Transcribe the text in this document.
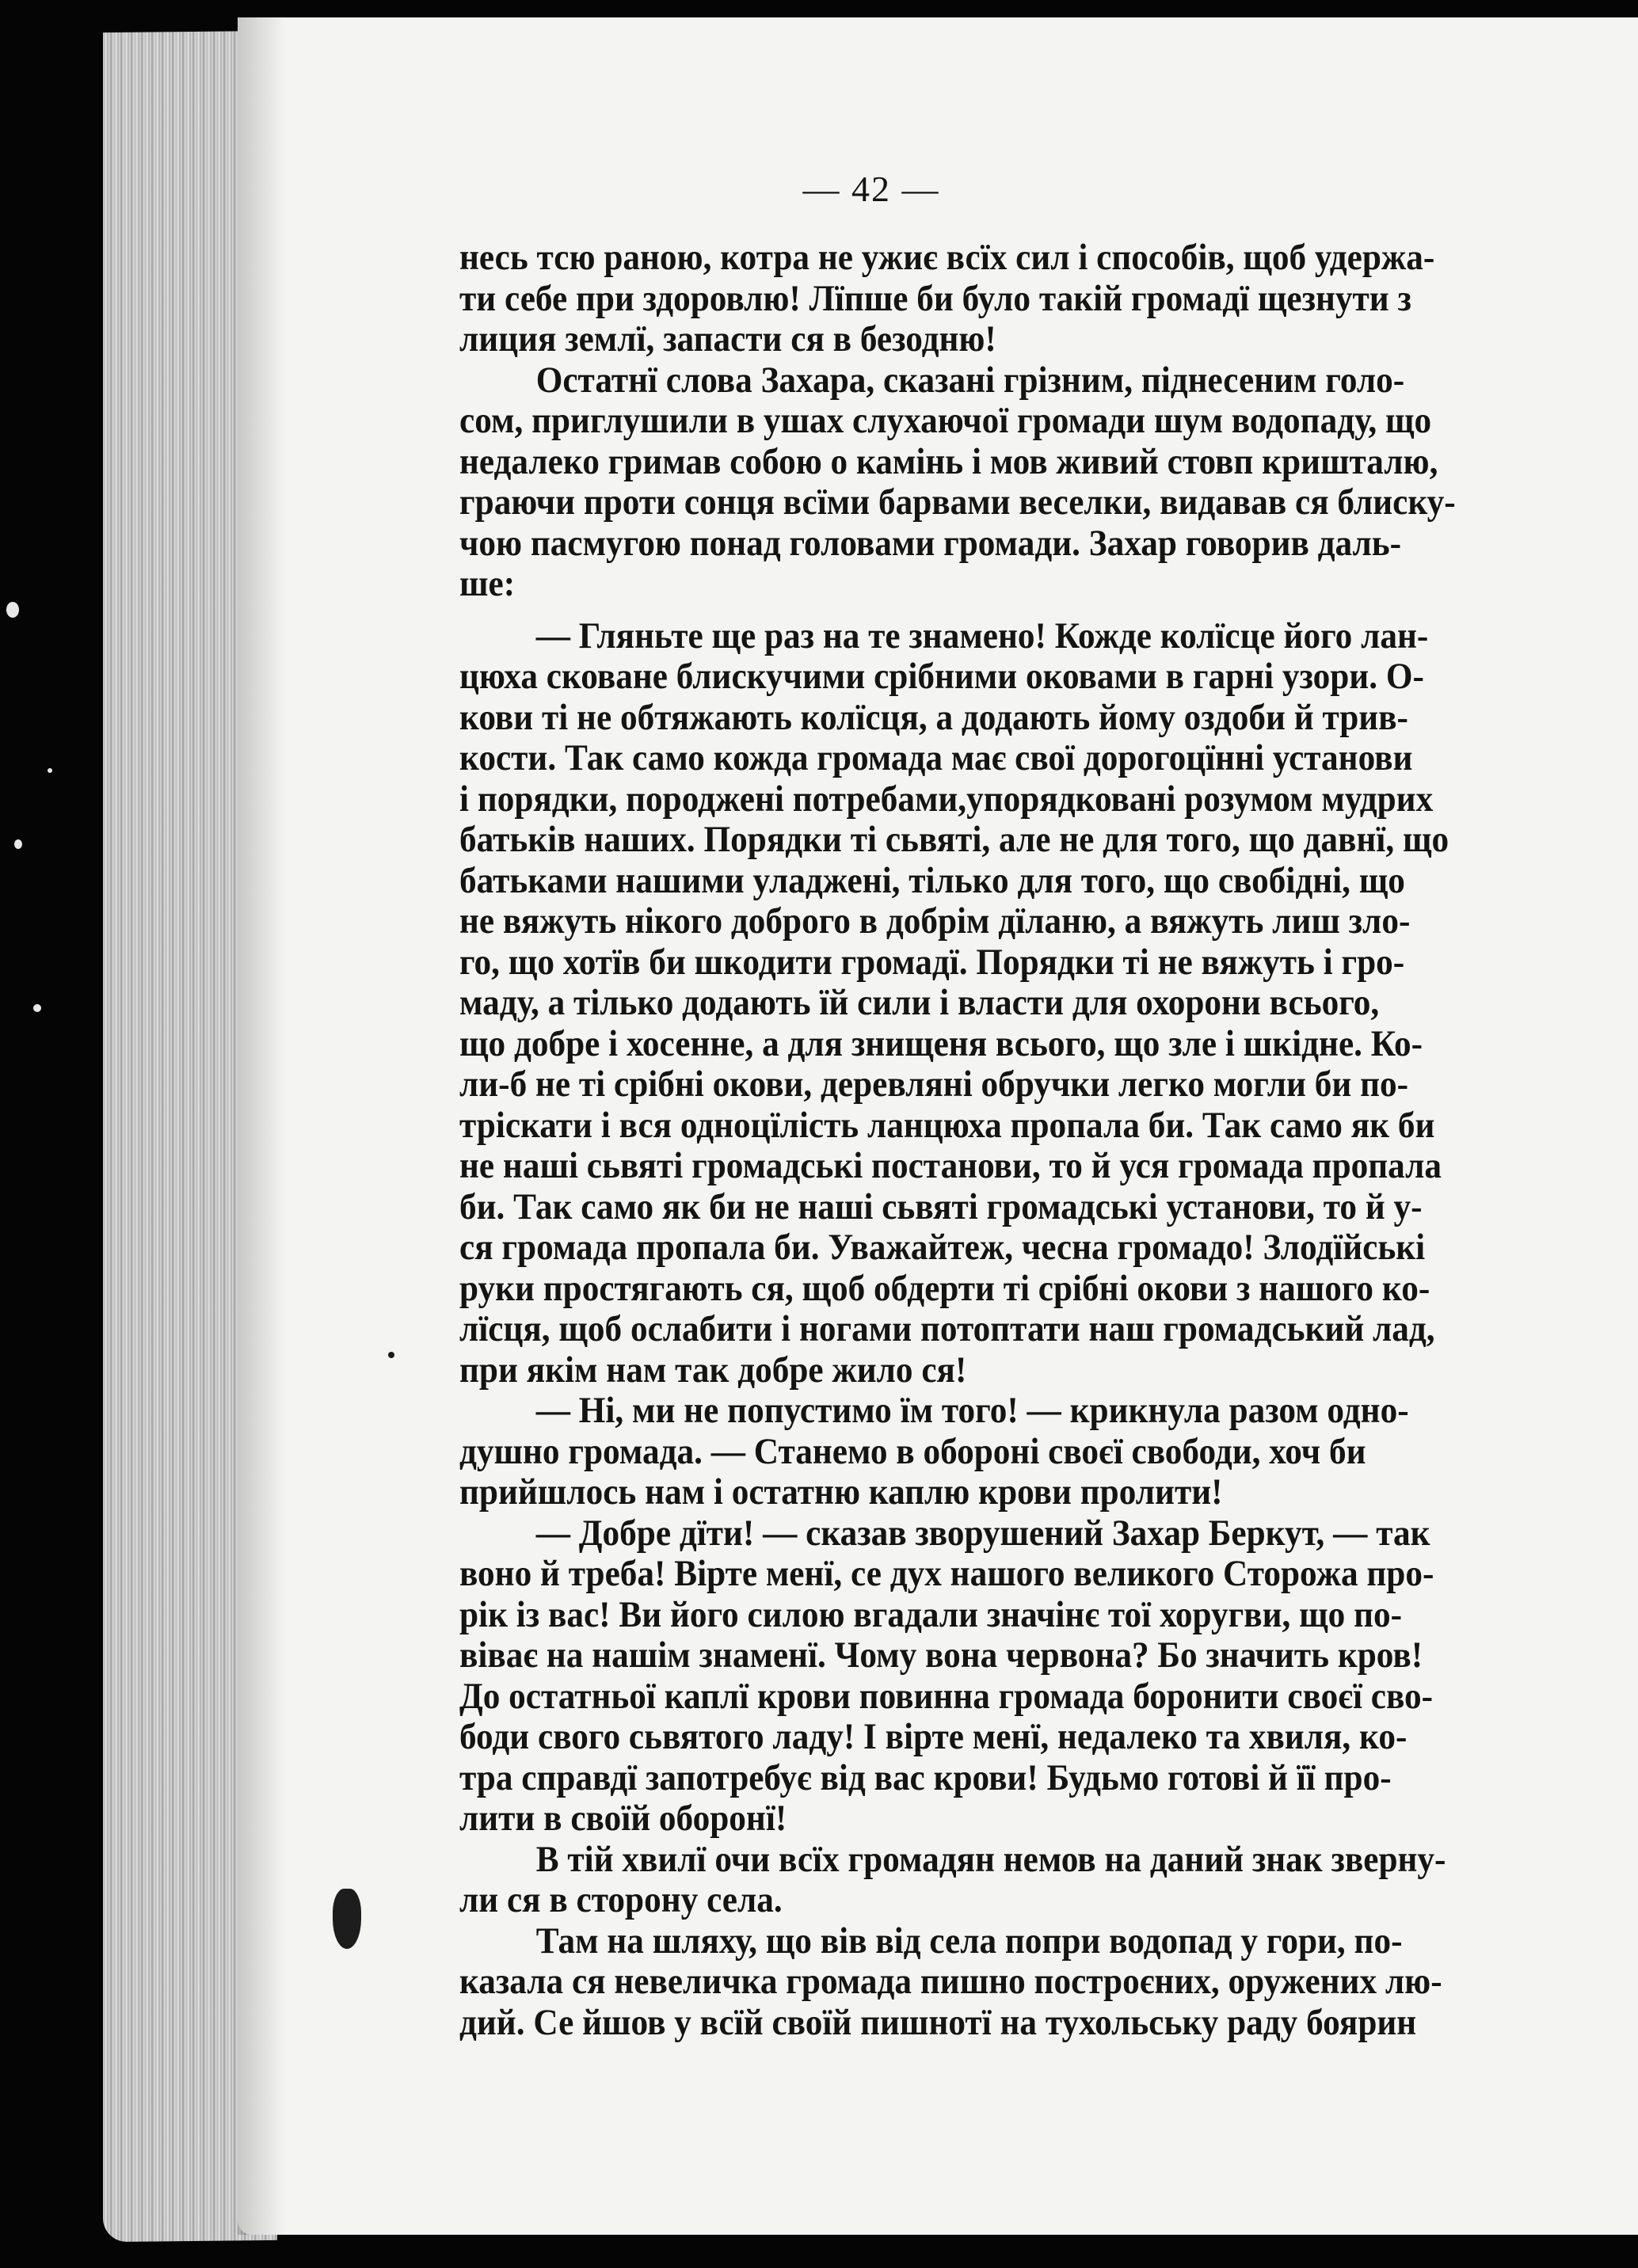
— 42 —
несь тсю раною, котра не ужиє всїх сил і способів, щоб удержа-
ти себе при здоровлю! Лїпше би було такій громадї щезнути з
лиция землї, запасти ся в безодню!
Остатнї слова Захара, сказані грізним, піднесеним голо-
сом, приглушили в ушах слухаючої громади шум водопаду, що
недалеко гримав собою о камінь і мов живий стовп кришталю,
граючи проти сонця всїми барвами веселки, видавав ся блиску-
чою пасмугою понад головами громади. Захар говорив даль-
ше:
— Гляньте ще раз на те знамено! Кожде колїсце його лан-
цюха сковане блискучими срібними оковами в гарні узори. О-
кови ті не обтяжають колїсця, а додають йому оздоби й трив-
кости. Так само кожда громада має свої дорогоцїнні установи
і порядки, породжені потребами,упорядковані розумом мудрих
батьків наших. Порядки ті сьвяті, але не для того, що давнї, що
батьками нашими уладжені, тілько для того, що свобідні, що
не вяжуть нікого доброго в добрім дїланю, а вяжуть лиш зло-
го, що хотїв би шкодити громадї. Порядки ті не вяжуть і гро-
маду, а тілько додають їй сили і власти для охорони всього,
що добре і хосенне, а для знищеня всього, що зле і шкідне. Ко-
ли-б не ті срібні окови, деревляні обручки легко могли би по-
тріскати і вся одноцїлість ланцюха пропала би. Так само як би
не наші сьвяті громадські постанови, то й уся громада пропала
би. Так само як би не наші сьвяті громадські установи, то й у-
ся громада пропала би. Уважайтеж, чесна громадо! Злодїйські
руки простягають ся, щоб обдерти ті срібні окови з нашого ко-
лїсця, щоб ослабити і ногами потоптати наш громадський лад,
при якім нам так добре жило ся!
— Ні, ми не попустимо їм того! — крикнула разом одно-
душно громада. — Станемо в обороні своєї свободи, хоч би
прийшлось нам і остатню каплю крови пролити!
— Добре дїти! — сказав зворушений Захар Беркут, — так
воно й треба! Вірте менї, се дух нашого великого Сторожа про-
рік із вас! Ви його силою вгадали значінє тої хоругви, що по-
віває на нашім знаменї. Чому вона червона? Бо значить кров!
До остатньої каплї крови повинна громада боронити своєї сво-
боди свого сьвятого ладу! І вірте менї, недалеко та хвиля, ко-
тра справдї запотребує від вас крови! Будьмо готові й її про-
лити в своїй оборонї!
В тій хвилї очи всїх громадян немов на даний знак зверну-
ли ся в сторону села.
Там на шляху, що вів від села попри водопад у гори, по-
казала ся невеличка громада пишно построєних, оружених лю-
дий. Се йшов у всїй своїй пишнотї на тухольську раду боярин
